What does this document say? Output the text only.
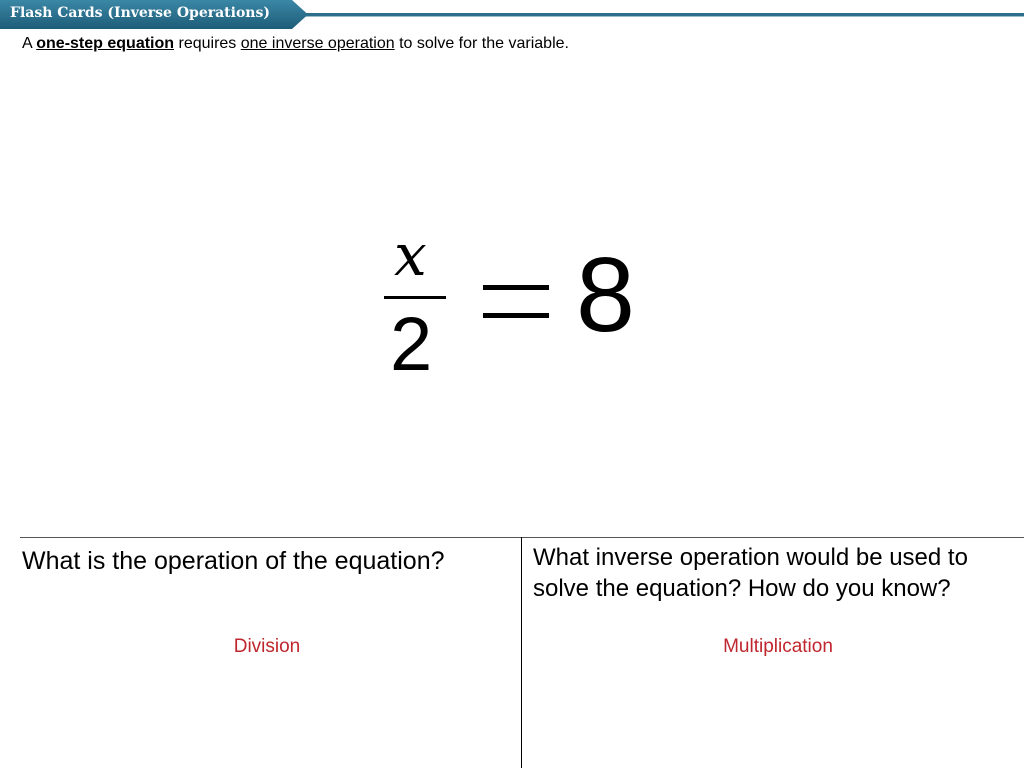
Flash Cards (Inverse Operations)
A one-step equation requires one inverse operation to solve for the variable.
x
2 8
What is the operation of the equation?
Division
What inverse operation would be used to solve the equation? How do you know?
Multiplication
